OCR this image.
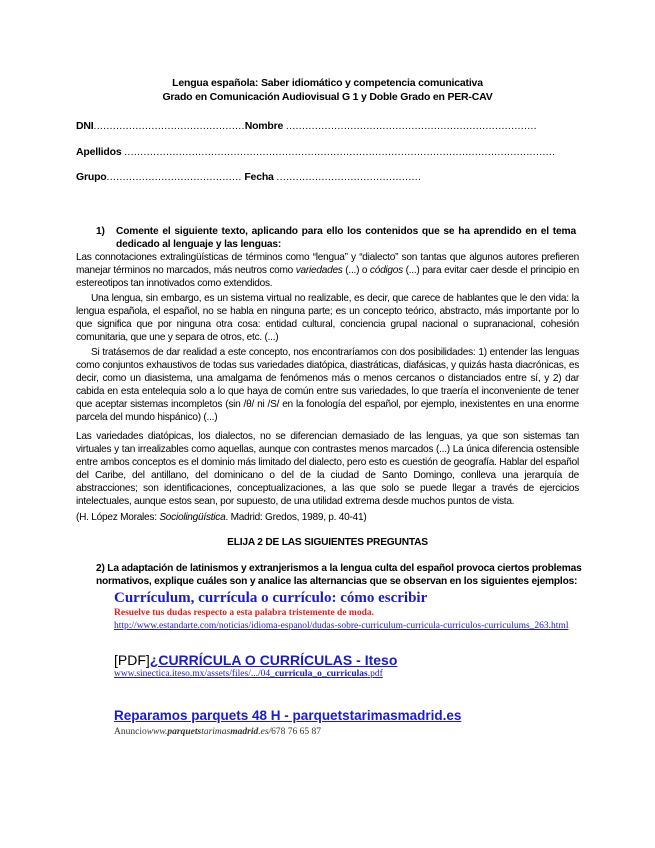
Lengua española: Saber idiomático y competencia comunicativa
Grado en Comunicación Audiovisual G 1 y Doble Grado en PER-CAV
DNI...............................................Nombre ..............................................................................
Apellidos ......................................................................................................................................
Grupo.......................................... Fecha .............................................
1) Comente el siguiente texto, aplicando para ello los contenidos que se ha aprendido en el tema dedicado al lenguaje y las lenguas:
Las connotaciones extralingüísticas de términos como “lengua” y “dialecto” son tantas que algunos autores prefieren manejar términos no marcados, más neutros como variedades (...) o códigos (...) para evitar caer desde el principio en estereotipos tan innotivados como extendidos.
Una lengua, sin embargo, es un sistema virtual no realizable, es decir, que carece de hablantes que le den vida: la lengua española, el español, no se habla en ninguna parte; es un concepto teórico, abstracto, más importante por lo que significa que por ninguna otra cosa: entidad cultural, conciencia grupal nacional o supranacional, cohesión comunitaria, que une y separa de otros, etc. (...)
Si tratásemos de dar realidad a este concepto, nos encontraríamos con dos posibilidades: 1) entender las lenguas como conjuntos exhaustivos de todas sus variedades diatópica, diastráticas, diafásicas, y quizás hasta diacrónicas, es decir, como un diasistema, una amalgama de fenómenos más o menos cercanos o distanciados entre sí, y 2) dar cabida en esta entelequia solo a lo que haya de común entre sus variedades, lo que traería el inconveniente de tener que aceptar sistemas incompletos (sin /θ/ ni /S/ en la fonología del español, por ejemplo, inexistentes en una enorme parcela del mundo hispánico) (...)
Las variedades diatópicas, los dialectos, no se diferencian demasiado de las lenguas, ya que son sistemas tan virtuales y tan irrealizables como aquellas, aunque con contrastes menos marcados (...) La única diferencia ostensible entre ambos conceptos es el dominio más limitado del dialecto, pero esto es cuestión de geografía. Hablar del español del Caribe, del antillano, del dominicano o del de la ciudad de Santo Domingo, conlleva una jerarquía de abstracciones; son identificaciones, conceptualizaciones, a las que solo se puede llegar a través de ejercicios intelectuales, aunque estos sean, por supuesto, de una utilidad extrema desde muchos puntos de vista.
(H. López Morales: Sociolingüística. Madrid: Gredos, 1989, p. 40-41)
ELIJA 2 DE LAS SIGUIENTES PREGUNTAS
2) La adaptación de latinismos y extranjerismos a la lengua culta del español provoca ciertos problemas normativos, explique cuáles son y analice las alternancias que se observan en los siguientes ejemplos:
Currículum, currícula o currículo: cómo escribir
Resuelve tus dudas respecto a esta palabra tristemente de moda.
http://www.estandarte.com/noticias/idioma-espanol/dudas-sobre-curriculum-curricula-curriculos-curriculums_263.html
[PDF]¿CURRÍCULA O CURRÍCULAS - Iteso
www.sinectica.iteso.mx/assets/files/.../04_curricula_o_curriculas.pdf
Reparamos parquets 48 H - parquetstarimasmadrid.es
Anunciowww.parquetstarimasmadrid.es/678 76 65 87
